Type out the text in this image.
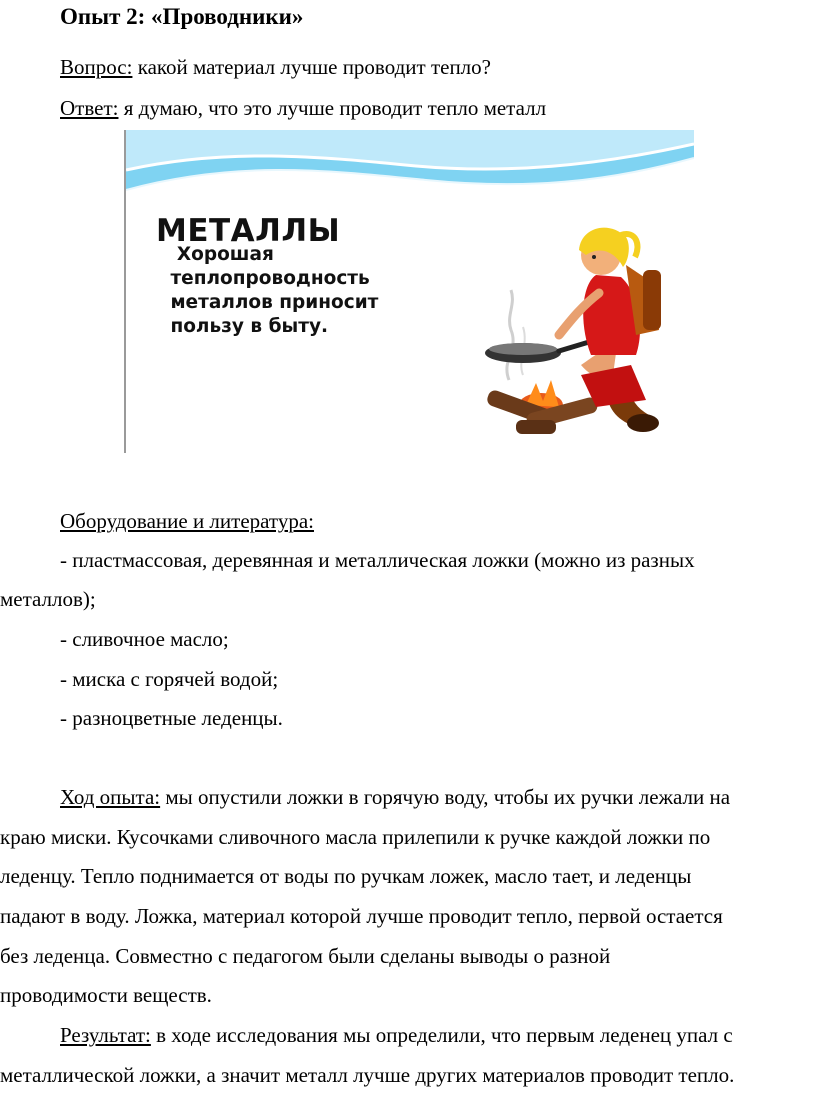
Опыт 2: «Проводники»

Вопрос: какой материал лучше проводит тепло?

Ответ: я думаю, что это лучше проводит тепло металл

МЕТАЛЛЫ
Хорошая
теплопроводность
металлов приносит
пользу в быту.

Оборудование и литература:

- пластмассовая, деревянная и металлическая ложки (можно из разных

металлов);

- сливочное масло;

- миска с горячей водой;

- разноцветные леденцы.

Ход опыта: мы опустили ложки в горячую воду, чтобы их ручки лежали на

краю миски. Кусочками сливочного масла прилепили к ручке каждой ложки по

леденцу. Тепло поднимается от воды по ручкам ложек, масло тает, и леденцы

падают в воду. Ложка, материал которой лучше проводит тепло, первой остается

без леденца. Совместно с педагогом были сделаны выводы о разной

проводимости веществ.

Результат: в ходе исследования мы определили, что первым леденец упал с

металлической ложки, а значит металл лучше других материалов проводит тепло.
